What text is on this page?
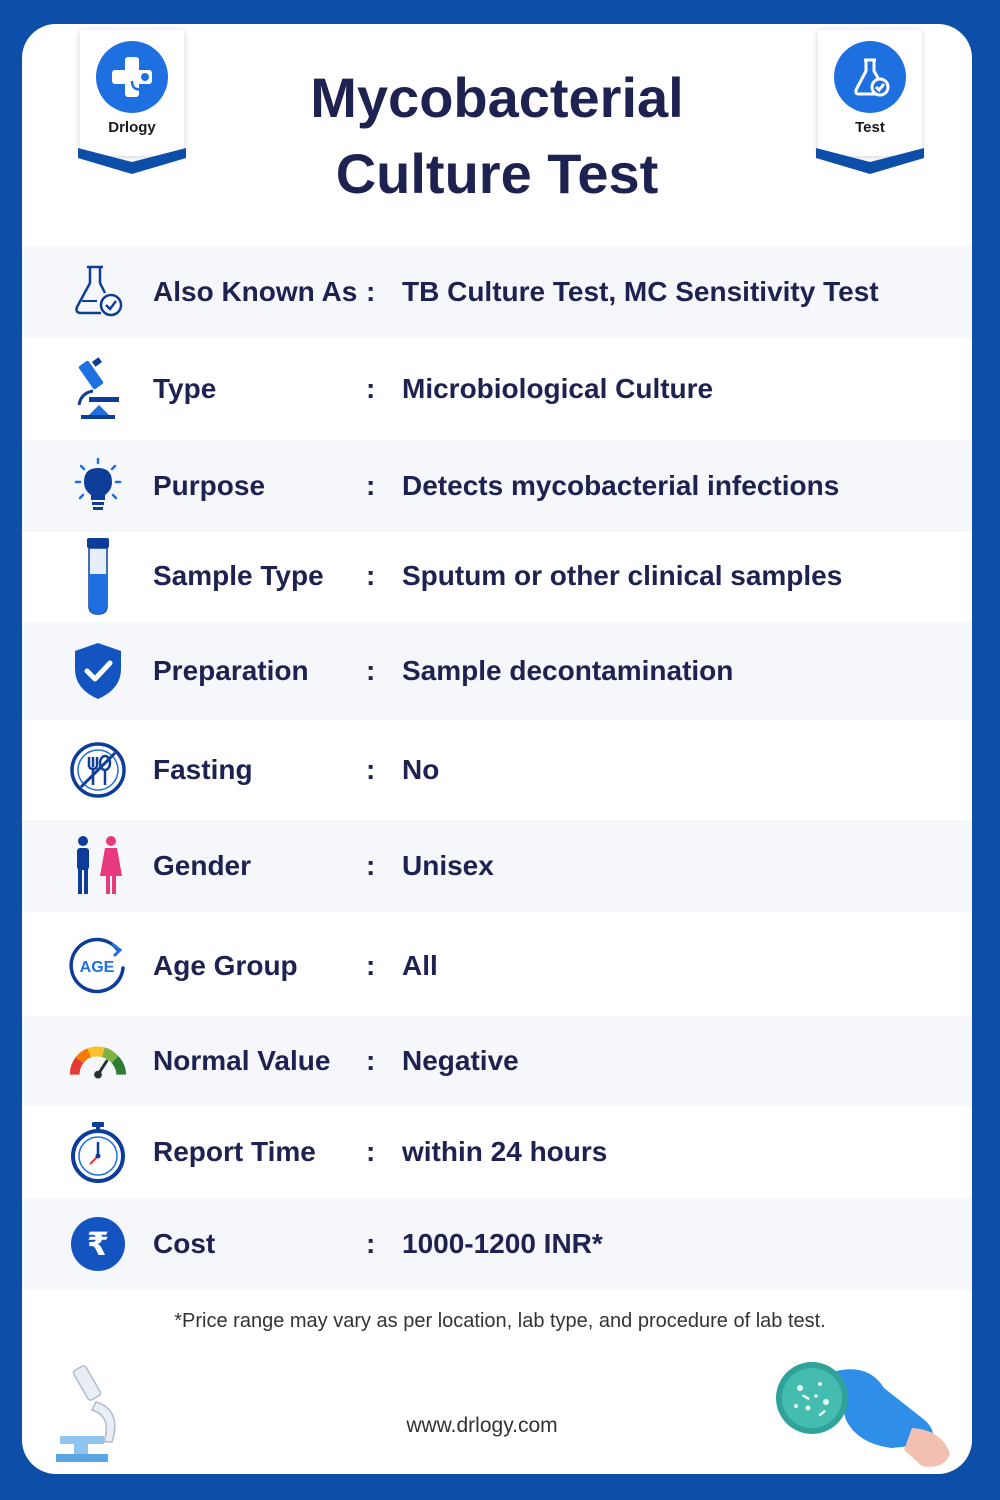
Drlogy	Test
Mycobacterial
Culture Test
Also Known As : TB Culture Test, MC Sensitivity Test
Type	: Microbiological Culture
Purpose	: Detects mycobacterial infections
Sample Type : Sputum or other clinical samples
Preparation : Sample decontamination
Fasting	: No
Gender	: Unisex
AGE Age Group : All
Normal Value : Negative
Report Time : within 24 hours
₹ Cost	: 1000-1200 INR*
*Price range may vary as per location, lab type, and procedure of lab test.
www.drlogy.com
